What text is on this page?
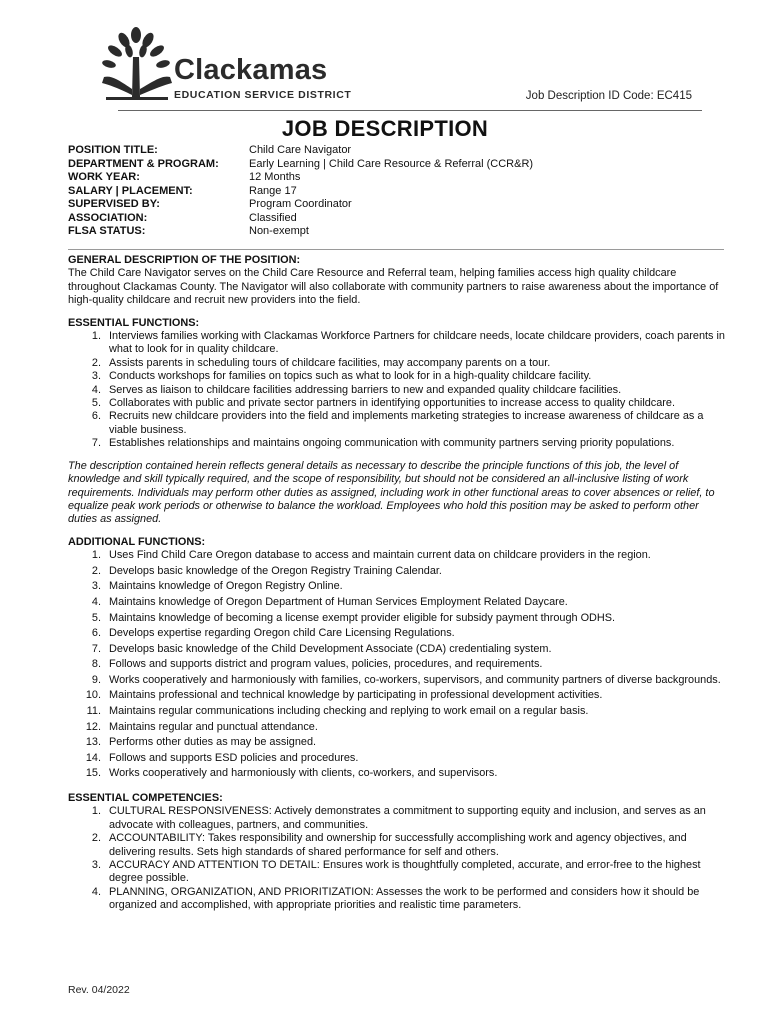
Clackamas
EDUCATION SERVICE DISTRICT	Job Description ID Code: EC415
JOB DESCRIPTION
POSITION TITLE:	Child Care Navigator
DEPARTMENT & PROGRAM:	Early Learning | Child Care Resource & Referral (CCR&R)
WORK YEAR:	12 Months
SALARY | PLACEMENT:	Range 17
SUPERVISED BY:	Program Coordinator
ASSOCIATION:	Classified
FLSA STATUS:	Non-exempt
GENERAL DESCRIPTION OF THE POSITION:

The Child Care Navigator serves on the Child Care Resource and Referral team, helping families access high quality childcare throughout Clackamas County. The Navigator will also collaborate with community partners to raise awareness about the importance of high-quality childcare and recruit new providers into the field.

ESSENTIAL FUNCTIONS:
1. Interviews families working with Clackamas Workforce Partners for childcare needs, locate childcare providers, coach parents in what to look for in quality childcare.
2. Assists parents in scheduling tours of childcare facilities, may accompany parents on a tour.
3. Conducts workshops for families on topics such as what to look for in a high-quality childcare facility.
4. Serves as liaison to childcare facilities addressing barriers to new and expanded quality childcare facilities.
5. Collaborates with public and private sector partners in identifying opportunities to increase access to quality childcare.
6. Recruits new childcare providers into the field and implements marketing strategies to increase awareness of childcare as a viable business.
7. Establishes relationships and maintains ongoing communication with community partners serving priority populations.

The description contained herein reflects general details as necessary to describe the principle functions of this job, the level of knowledge and skill typically required, and the scope of responsibility, but should not be considered an all-inclusive listing of work requirements. Individuals may perform other duties as assigned, including work in other functional areas to cover absences or relief, to equalize peak work periods or otherwise to balance the workload. Employees who hold this position may be asked to perform other duties as assigned.

ADDITIONAL FUNCTIONS:
1. Uses Find Child Care Oregon database to access and maintain current data on childcare providers in the region.
2. Develops basic knowledge of the Oregon Registry Training Calendar.
3. Maintains knowledge of Oregon Registry Online.
4. Maintains knowledge of Oregon Department of Human Services Employment Related Daycare.
5. Maintains knowledge of becoming a license exempt provider eligible for subsidy payment through ODHS.
6. Develops expertise regarding Oregon child Care Licensing Regulations.
7. Develops basic knowledge of the Child Development Associate (CDA) credentialing system.
8. Follows and supports district and program values, policies, procedures, and requirements.
9. Works cooperatively and harmoniously with families, co-workers, supervisors, and community partners of diverse backgrounds.
10. Maintains professional and technical knowledge by participating in professional development activities.
11. Maintains regular communications including checking and replying to work email on a regular basis.
12. Maintains regular and punctual attendance.
13. Performs other duties as may be assigned.
14. Follows and supports ESD policies and procedures.
15. Works cooperatively and harmoniously with clients, co-workers, and supervisors.
ESSENTIAL COMPETENCIES:
1. CULTURAL RESPONSIVENESS: Actively demonstrates a commitment to supporting equity and inclusion, and serves as an advocate with colleagues, partners, and communities.
2. ACCOUNTABILITY: Takes responsibility and ownership for successfully accomplishing work and agency objectives, and delivering results. Sets high standards of shared performance for self and others.
3. ACCURACY AND ATTENTION TO DETAIL: Ensures work is thoughtfully completed, accurate, and error-free to the highest degree possible.
4. PLANNING, ORGANIZATION, AND PRIORITIZATION: Assesses the work to be performed and considers how it should be organized and accomplished, with appropriate priorities and realistic time parameters.
Rev. 04/2022
